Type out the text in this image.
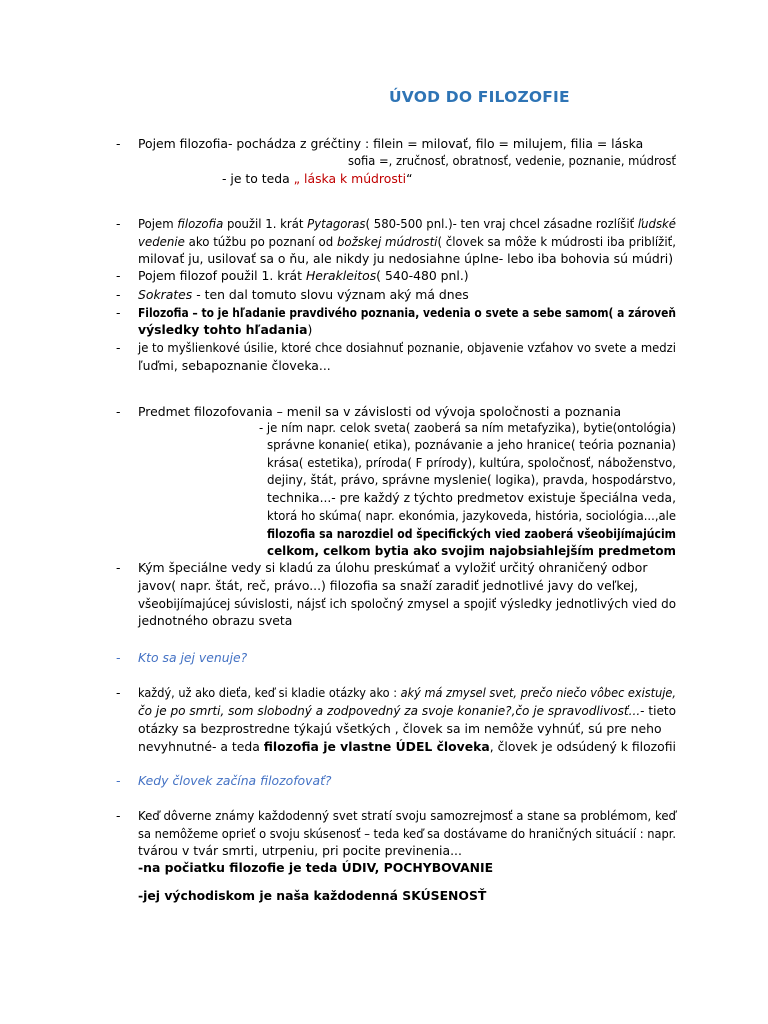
ÚVOD DO FILOZOFIE
- Pojem filozofia- pochádza z gréčtiny : filein = milovať, filo = milujem, filia = láska

sofia =, zručnosť, obratnosť, vedenie, poznanie, múdrosť

- je to teda „ láska k múdrosti“

- Pojem filozofia použil 1. krát Pytagoras( 580-500 pnl.)- ten vraj chcel zásadne rozlíšiť ľudské

vedenie ako túžbu po poznaní od božskej múdrosti( človek sa môže k múdrosti iba priblížiť,

milovať ju, usilovať sa o ňu, ale nikdy ju nedosiahne úplne- lebo iba bohovia sú múdri)

- Pojem filozof použil 1. krát Herakleitos( 540-480 pnl.)

- Sokrates - ten dal tomuto slovu význam aký má dnes

- Filozofia – to je hľadanie pravdivého poznania, vedenia o svete a sebe samom( a zároveň

výsledky tohto hľadania)

- je to myšlienkové úsilie, ktoré chce dosiahnuť poznanie, objavenie vzťahov vo svete a medzi

ľuďmi, sebapoznanie človeka...

- Predmet filozofovania – menil sa v závislosti od vývoja spoločnosti a poznania

- je ním napr. celok sveta( zaoberá sa ním metafyzika), bytie(ontológia)

správne konanie( etika), poznávanie a jeho hranice( teória poznania)

krása( estetika), príroda( F prírody), kultúra, spoločnosť, náboženstvo,

dejiny, štát, právo, správne myslenie( logika), pravda, hospodárstvo,

technika...- pre každý z týchto predmetov existuje špeciálna veda,

ktorá ho skúma( napr. ekonómia, jazykoveda, história, sociológia...,ale

filozofia sa narozdiel od špecifických vied zaoberá všeobijímajúcim

celkom, celkom bytia ako svojim najobsiahlejším predmetom

- Kým špeciálne vedy si kladú za úlohu preskúmať a vyložiť určitý ohraničený odbor

javov( napr. štát, reč, právo...) filozofia sa snaží zaradiť jednotlivé javy do veľkej,

všeobijímajúcej súvislosti, nájsť ich spoločný zmysel a spojiť výsledky jednotlivých vied do

jednotného obrazu sveta

- Kto sa jej venuje?

- každý, už ako dieťa, keď si kladie otázky ako : aký má zmysel svet, prečo niečo vôbec existuje,

čo je po smrti, som slobodný a zodpovedný za svoje konanie?,čo je spravodlivosť...- tieto

otázky sa bezprostredne týkajú všetkých , človek sa im nemôže vyhnúť, sú pre neho

nevyhnutné- a teda filozofia je vlastne ÚDEL človeka, človek je odsúdený k filozofii

- Kedy človek začína filozofovať?

- Keď dôverne známy každodenný svet stratí svoju samozrejmosť a stane sa problémom, keď

sa nemôžeme oprieť o svoju skúsenosť – teda keď sa dostávame do hraničných situácií : napr.

tvárou v tvár smrti, utrpeniu, pri pocite previnenia...

-na počiatku filozofie je teda ÚDIV, POCHYBOVANIE

-jej východiskom je naša každodenná SKÚSENOSŤ
